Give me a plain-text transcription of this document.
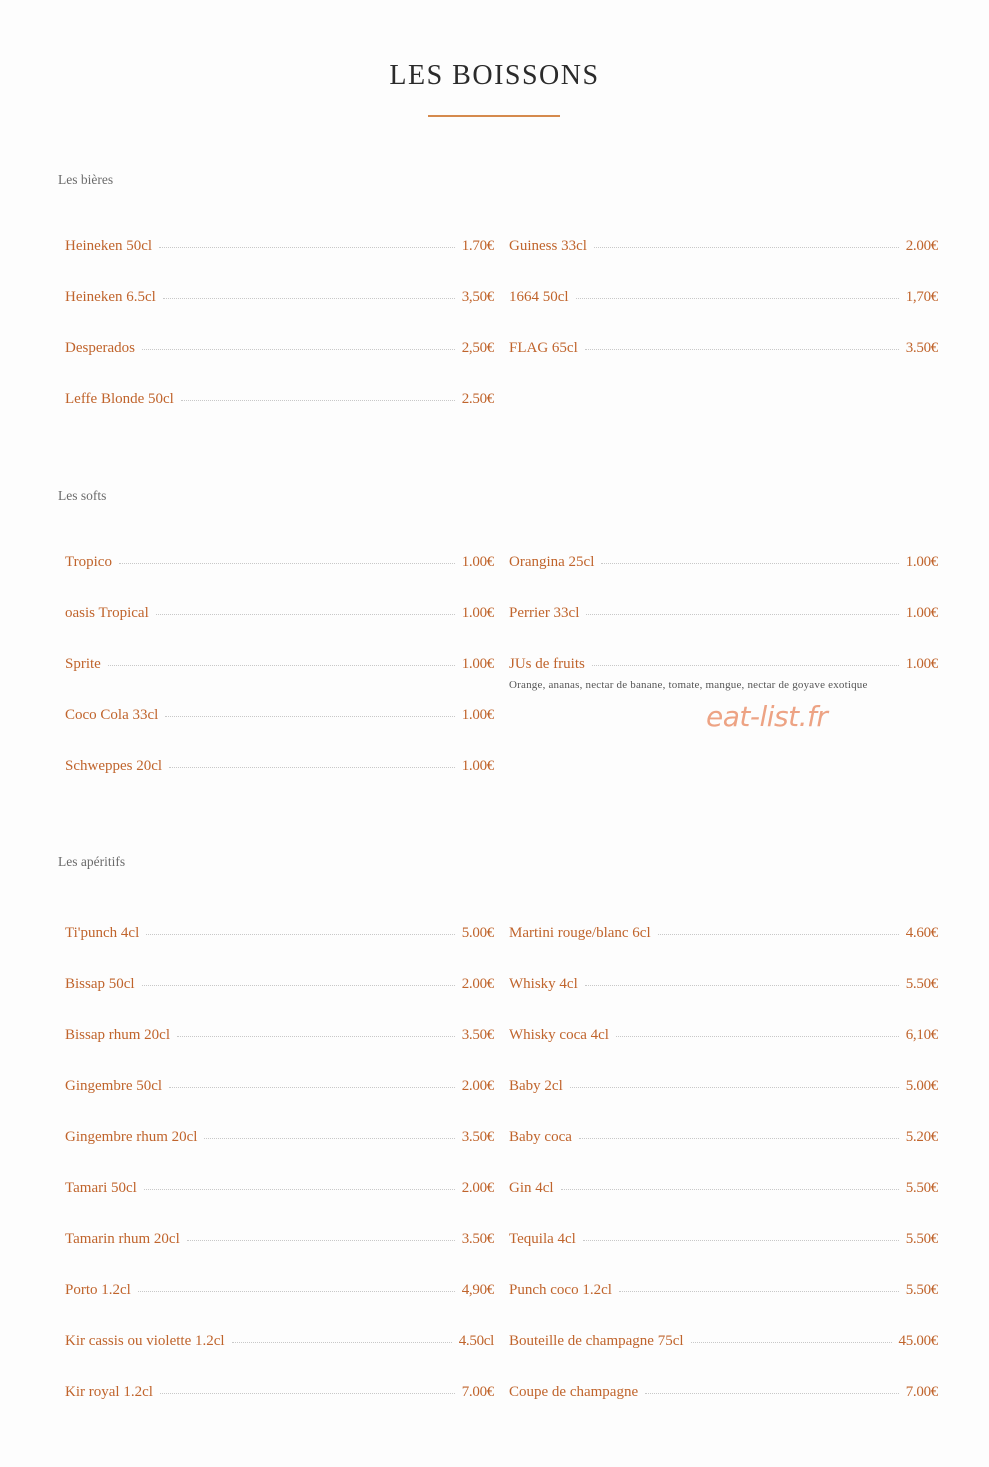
LES BOISSONS
Les bières
Heineken 50cl	1.70€
Heineken 6.5cl	3,50€
Desperados	2,50€
Leffe Blonde 50cl	2.50€
Guiness 33cl	2.00€
1664 50cl	1,70€
FLAG 65cl	3.50€
Les softs
Tropico	1.00€
oasis Tropical	1.00€
Sprite	1.00€
Coco Cola 33cl	1.00€
Schweppes 20cl	1.00€
Orangina 25cl	1.00€
Perrier 33cl	1.00€
JUs de fruits	1.00€
Orange, ananas, nectar de banane, tomate, mangue, nectar de goyave exotique
Les apéritifs
Ti'punch 4cl	5.00€
Bissap 50cl	2.00€
Bissap rhum 20cl	3.50€
Gingembre 50cl	2.00€
Gingembre rhum 20cl	3.50€
Tamari 50cl	2.00€
Tamarin rhum 20cl	3.50€
Porto 1.2cl	4,90€
Kir cassis ou violette 1.2cl	4.50cl
Kir royal 1.2cl	7.00€
Martini rouge/blanc 6cl	4.60€
Whisky 4cl	5.50€
Whisky coca 4cl	6,10€
Baby 2cl	5.00€
Baby coca	5.20€
Gin 4cl	5.50€
Tequila 4cl	5.50€
Punch coco 1.2cl	5.50€
Bouteille de champagne 75cl	45.00€
Coupe de champagne	7.00€
eat-list.fr
